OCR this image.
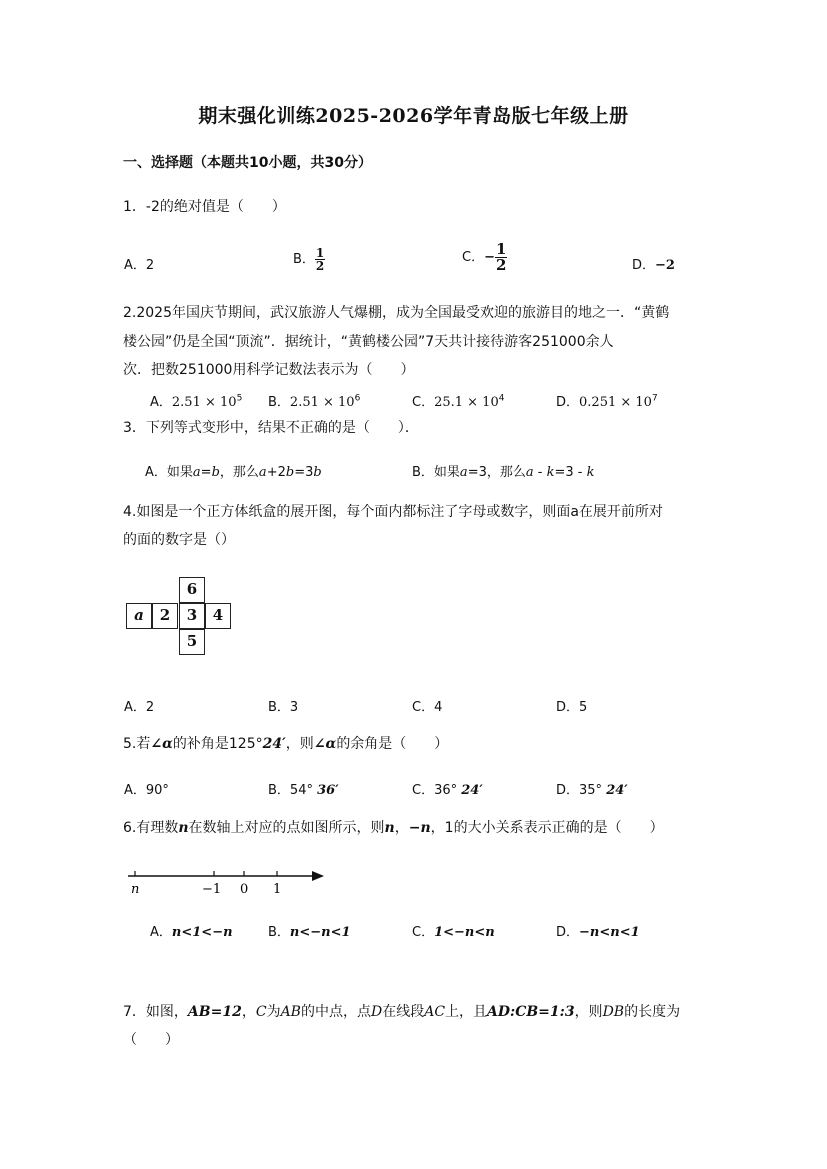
期末强化训练2025-2026学年青岛版七年级上册
一、选择题（本题共10小题，共30分）
1．-2的绝对值是（　　）
A．2	B． $\frac{1}{2}$	C．− $\frac{1}{2}$	D．−2
2.2025年国庆节期间，武汉旅游人气爆棚，成为全国最受欢迎的旅游目的地之一．“黄鹤
楼公园”仍是全国“顶流”．据统计，“黄鹤楼公园”7天共计接待游客251000余人
次．把数251000用科学记数法表示为（　　）
A．$2.51 \times 10^5$ B．$2.51 \times 10^6$	C．$25.1 \times 10^4$	D．$0.251 \times 10^7$
3．下列等式变形中，结果不正确的是（　　）．
A．如果a=b，那么a+2b=3b	B．如果a=3，那么a - k=3 - k
4.如图是一个正方体纸盒的展开图，每个面内都标注了字母或数字，则面a在展开前所对
的面的数字是（）
6
a	2	3	4
5
A．2	B．3	C．4	D．5
5.若∠α的补角是125°24′，则∠α的余角是（　　）
A．90°	B．54° 36′	C．36° 24′	D．35° 24′
6.有理数n在数轴上对应的点如图所示，则n，−n，1的大小关系表示正确的是（　　）
n	−1 0 1
A．n<1<−n	B．n<−n<1	C．1<−n<n	D．−n<n<1
7．如图，AB=12，C为AB的中点，点D在线段AC上，且AD:CB=1:3，则DB的长度为
（　　）
